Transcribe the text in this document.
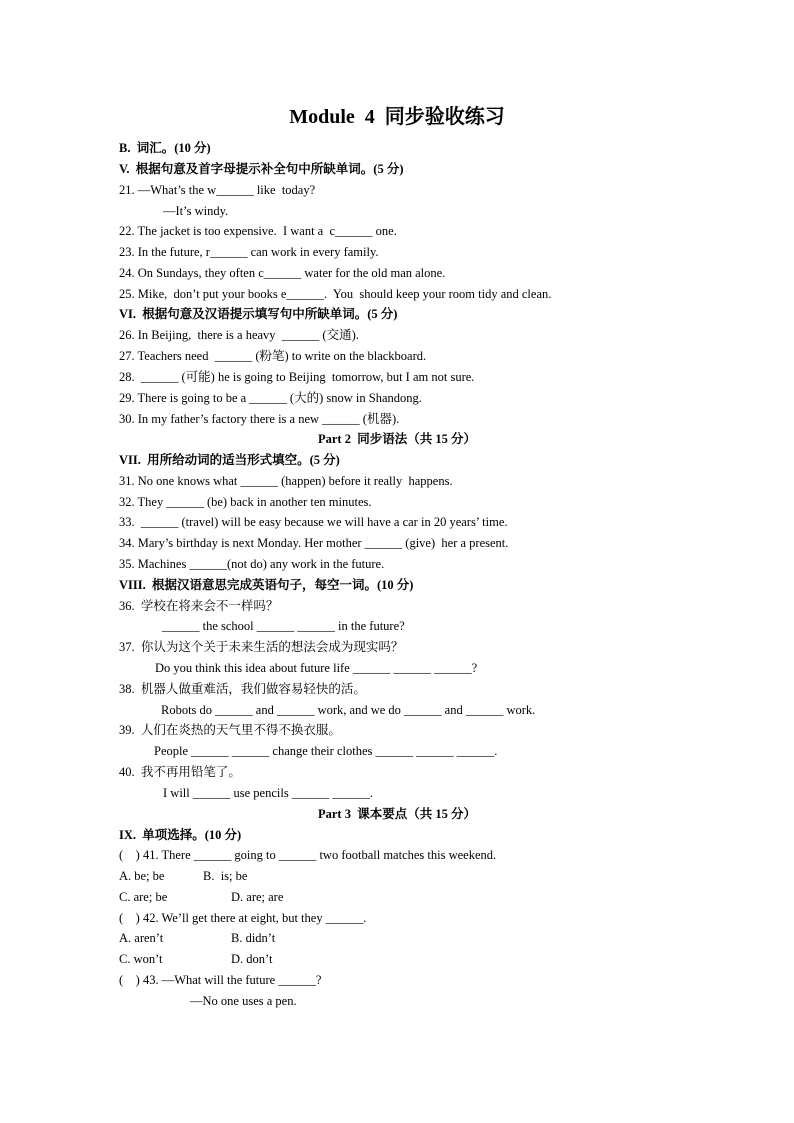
Module  4  同步验收练习
B.  词汇。(10 分)
V.  根据句意及首字母提示补全句中所缺单词。(5 分)
21. —What’s the w______ like  today?
—It’s windy.
22. The jacket is too expensive.  I want a  c______ one.
23. In the future, r______ can work in every family.
24. On Sundays, they often c______ water for the old man alone.
25. Mike,  don’t put your books e______.  You  should keep your room tidy and clean.
VI.  根据句意及汉语提示填写句中所缺单词。(5 分)
26. In Beijing,  there is a heavy  ______ (交通).
27. Teachers need  ______ (粉笔) to write on the blackboard.
28.  ______ (可能) he is going to Beijing  tomorrow, but I am not sure.
29. There is going to be a ______ (大的) snow in Shandong.
30. In my father’s factory there is a new ______ (机器).
Part 2  同步语法（共 15 分）
VII.  用所给动词的适当形式填空。(5 分)
31. No one knows what ______ (happen) before it really  happens.
32. They ______ (be) back in another ten minutes.
33.  ______ (travel) will be easy because we will have a car in 20 years’ time.
34. Mary’s birthday is next Monday. Her mother ______ (give)  her a present.
35. Machines ______(not do) any work in the future.
VIII.  根据汉语意思完成英语句子，每空一词。(10 分)
36.  学校在将来会不一样吗？
______ the school ______ ______ in the future?
37.  你认为这个关于未来生活的想法会成为现实吗？
Do you think this idea about future life ______ ______ ______?
38.  机器人做重难活，我们做容易轻快的活。
Robots do ______ and ______ work, and we do ______ and ______ work.
39.  人们在炎热的天气里不得不换衣服。
People ______ ______ change their clothes ______ ______ ______.
40.  我不再用铅笔了。
I will ______ use pencils ______ ______.
Part 3  课本要点（共 15 分）
IX.  单项选择。(10 分)
(    ) 41. There ______ going to ______ two football matches this weekend.
A. be; be	B.  is; be
C. are; be	D. are; are
(    ) 42. We’ll get there at eight, but they ______.
A. aren’t	B. didn’t
C. won’t	D. don’t
(    ) 43. —What will the future ______?
—No one uses a pen.
